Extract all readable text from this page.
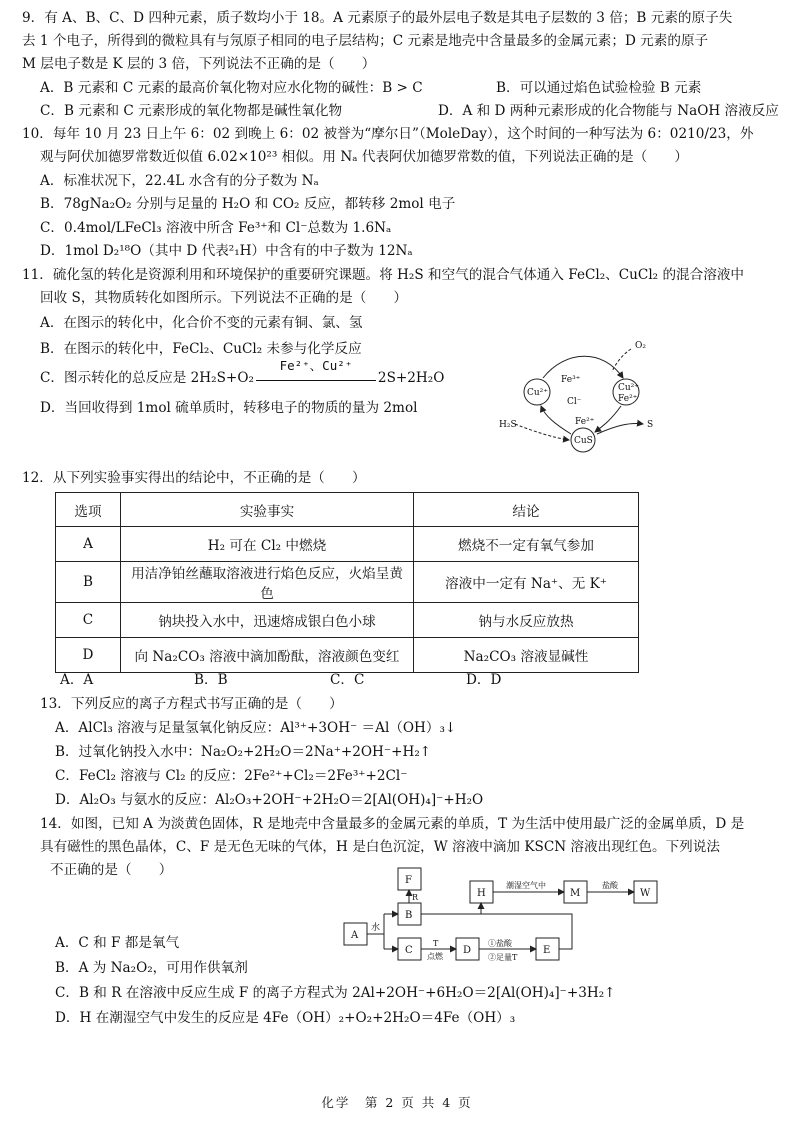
9．有 A、B、C、D 四种元素，质子数均小于 18。A 元素原子的最外层电子数是其电子层数的 3 倍；B 元素的原子失
去 1 个电子，所得到的微粒具有与氖原子相同的电子层结构；C 元素是地壳中含量最多的金属元素；D 元素的原子
M 层电子数是 K 层的 3 倍，下列说法不正确的是（　　）
A．B 元素和 C 元素的最高价氧化物对应水化物的碱性：B > C	B．可以通过焰色试验检验 B 元素
C．B 元素和 C 元素形成的氧化物都是碱性氧化物	D．A 和 D 两种元素形成的化合物能与 NaOH 溶液反应
10．每年 10 月 23 日上午 6：02 到晚上 6：02 被誉为“摩尔日”（MoleDay），这个时间的一种写法为 6：0210/23，外
观与阿伏加德罗常数近似值 6.02×10²³ 相似。用 Nₐ 代表阿伏加德罗常数的值，下列说法正确的是（　　）
A．标准状况下，22.4L 水含有的分子数为 Nₐ
B．78gNa₂O₂ 分别与足量的 H₂O 和 CO₂ 反应，都转移 2mol 电子
C．0.4mol/LFeCl₃ 溶液中所含 Fe³⁺和 Cl⁻总数为 1.6Nₐ
D．1mol D₂¹⁸O（其中 D 代表²₁H）中含有的中子数为 12Nₐ
11．硫化氢的转化是资源利用和环境保护的重要研究课题。将 H₂S 和空气的混合气体通入 FeCl₂、CuCl₂ 的混合溶液中
回收 S，其物质转化如图所示。下列说法不正确的是（　　）
A．在图示的转化中，化合价不变的元素有铜、氯、氢
B．在图示的转化中，FeCl₂、CuCl₂ 未参与化学反应
C．图示转化的总反应是 2H₂S+O₂
Fe²⁺、Cu²⁺
2S+2H₂O
D．当回收得到 1mol 硫单质时，转移电子的物质的量为 2mol
O₂
Fe³⁺
Cl⁻
Fe²⁺
Cu²⁺	Cu²⁺
Fe²⁺
H₂S	S
CuS
12．从下列实验事实得出的结论中，不正确的是（　　）
选项	实验事实	结论
A	H₂ 可在 Cl₂ 中燃烧	燃烧不一定有氧气参加
B	用洁净铂丝蘸取溶液进行焰色反应，火焰呈黄色	溶液中一定有 Na⁺、无 K⁺
C	钠块投入水中，迅速熔成银白色小球	钠与水反应放热
D	向 Na₂CO₃ 溶液中滴加酚酞，溶液颜色变红	Na₂CO₃ 溶液显碱性
A．A	B．B	C．C	D．D
13．下列反应的离子方程式书写正确的是（　　）
A．AlCl₃ 溶液与足量氢氧化钠反应：Al³⁺+3OH⁻ ＝Al（OH）₃↓
B．过氧化钠投入水中：Na₂O₂+2H₂O＝2Na⁺+2OH⁻+H₂↑
C．FeCl₂ 溶液与 Cl₂ 的反应：2Fe²⁺+Cl₂＝2Fe³⁺+2Cl⁻
D．Al₂O₃ 与氨水的反应：Al₂O₃+2OH⁻+2H₂O＝2[Al(OH)₄]⁻+H₂O
14．如图，已知 A 为淡黄色固体，R 是地壳中含量最多的金属元素的单质，T 为生活中使用最广泛的金属单质，D 是
具有磁性的黑色晶体，C、F 是无色无味的气体，H 是白色沉淀，W 溶液中滴加 KSCN 溶液出现红色。下列说法
不正确的是（　　）
A．C 和 F 都是氧气
B．A 为 Na₂O₂，可用作供氧剂
C．B 和 R 在溶液中反应生成 F 的离子方程式为 2Al+2OH⁻+6H₂O＝2[Al(OH)₄]⁻+3H₂↑
D．H 在潮湿空气中发生的反应是 4Fe（OH）₂+O₂+2H₂O＝4Fe（OH）₃
A
F
B
C	D	E
H	M	W
水
R
T
点燃
①盐酸
②足量T
潮湿空气中	盐酸
化学　第 2 页 共 4 页
